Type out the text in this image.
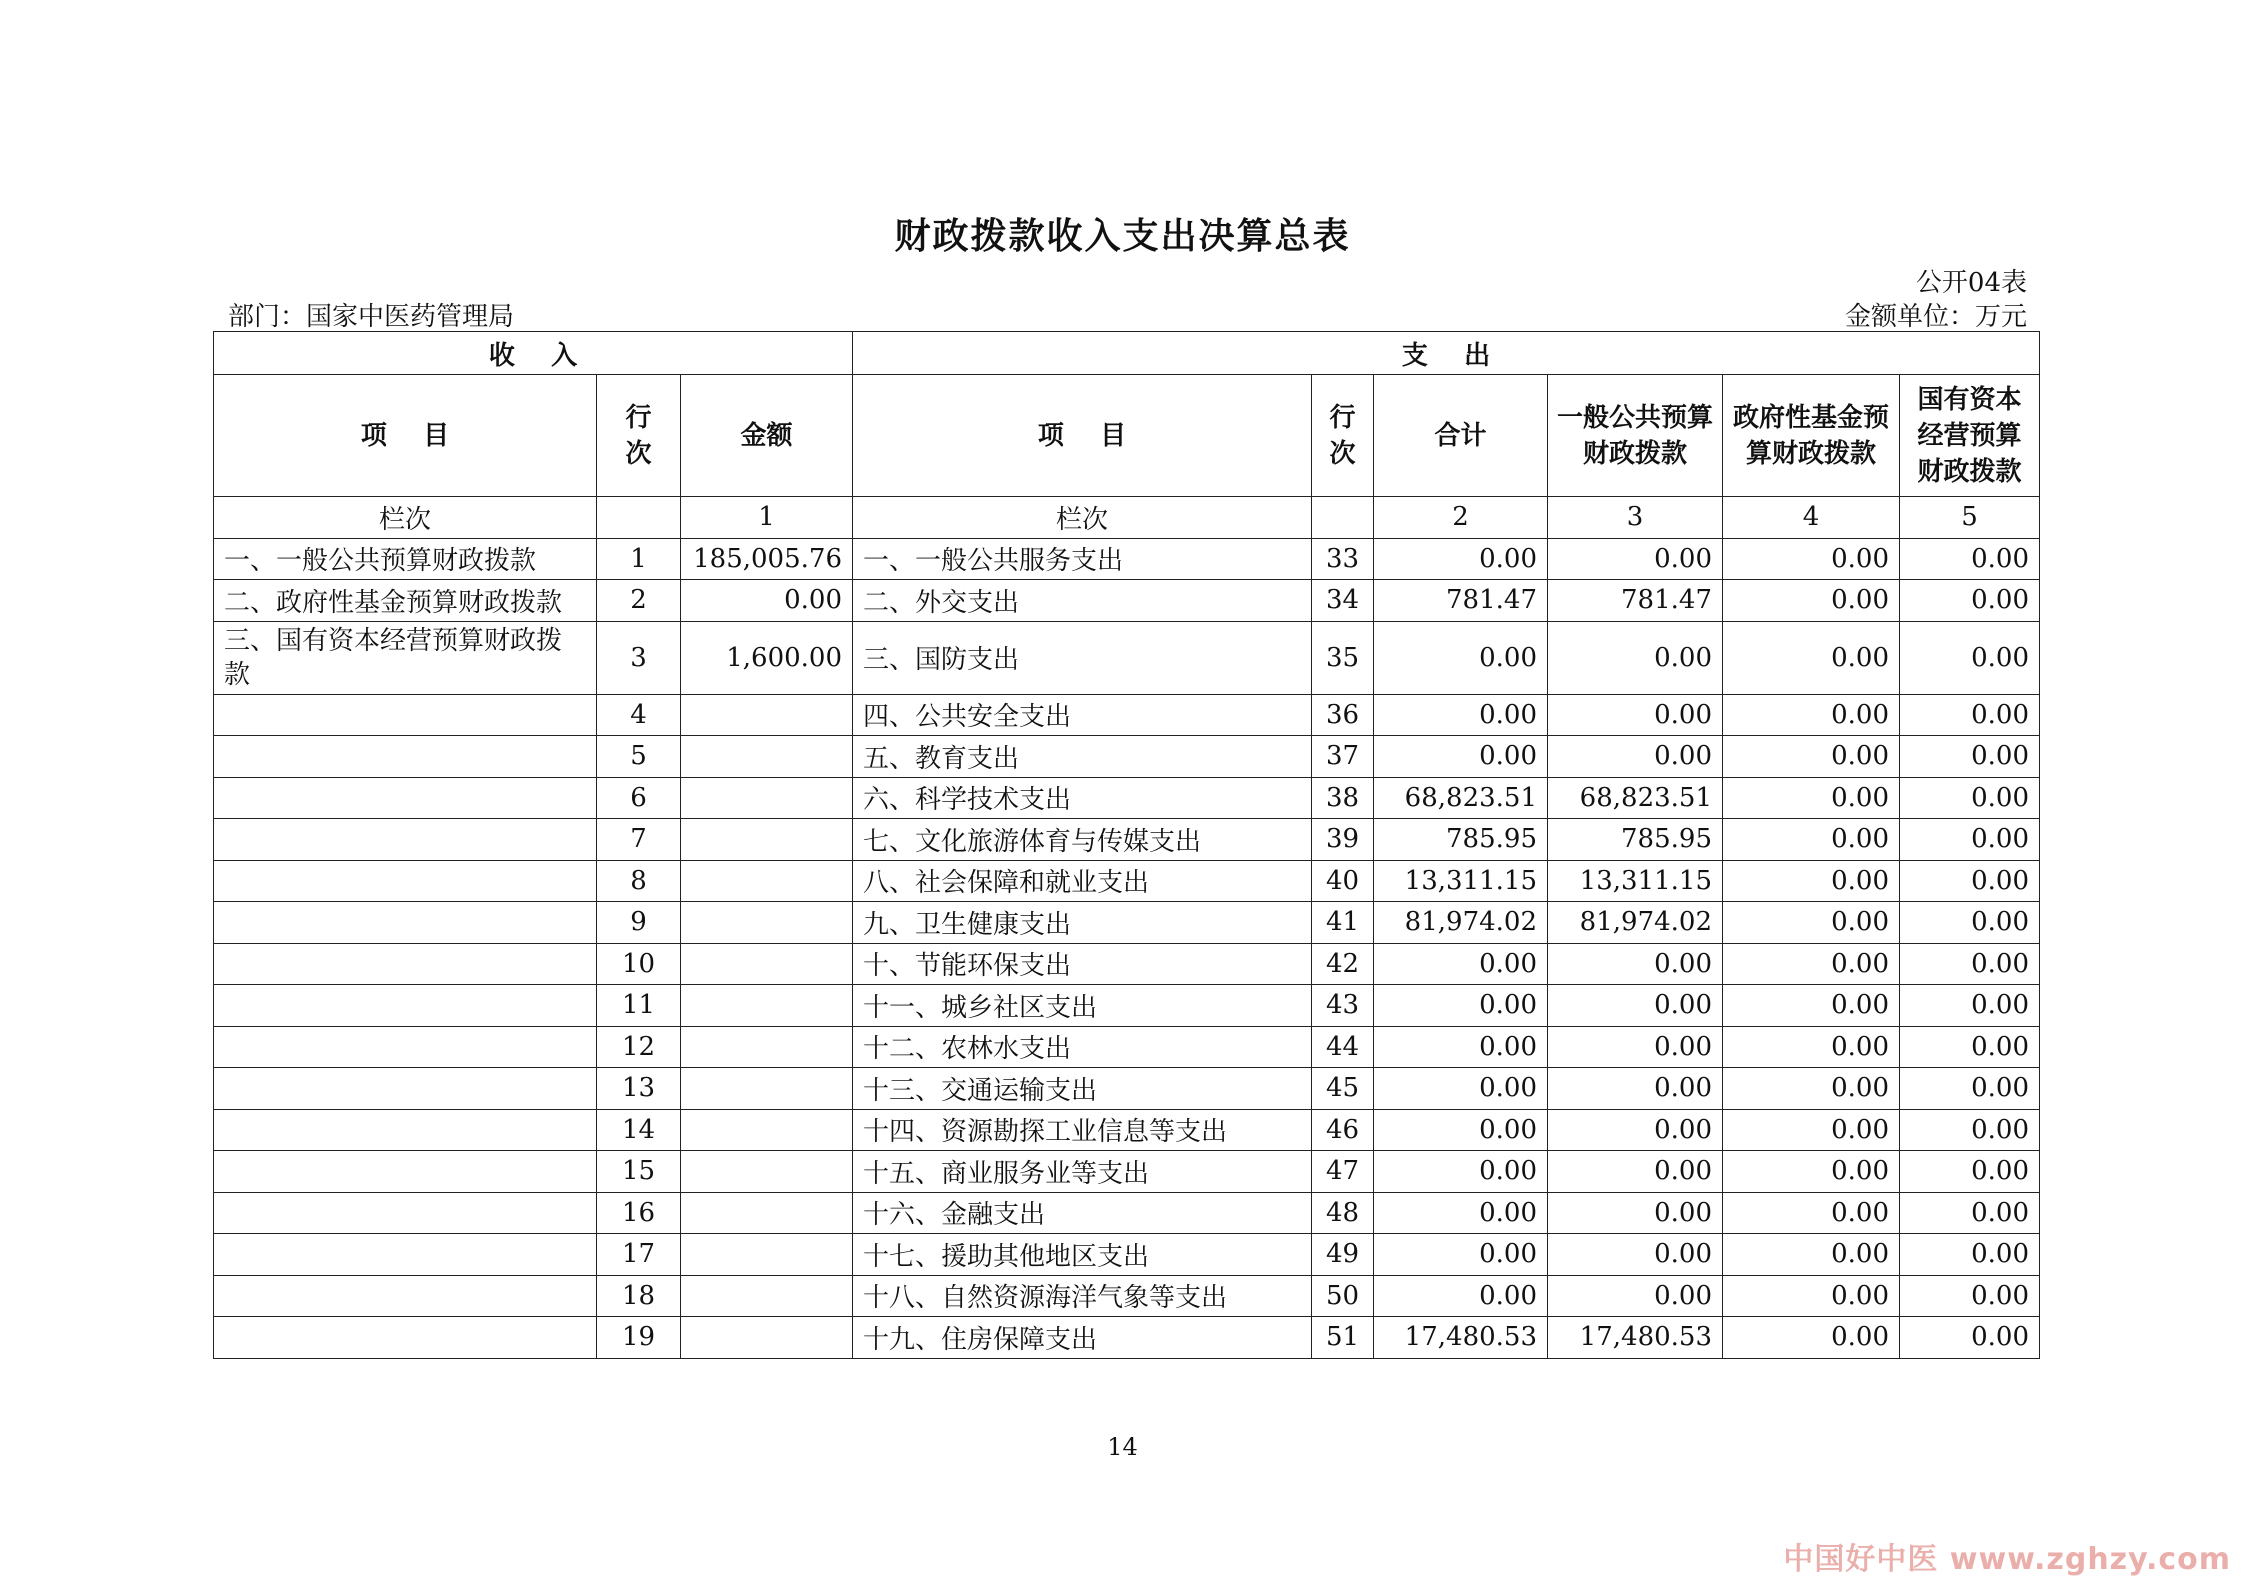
财政拨款收入支出决算总表
公开04表
部门：国家中医药管理局	金额单位：万元
收    入			支    出					
项    目	行次	金额	项    目	行次	合计	一般公共预算财政拨款	政府性基金预算财政拨款	国有资本经营预算财政拨款
栏次		1	栏次		2	3	4	5
一、一般公共预算财政拨款	1	185,005.76	一、一般公共服务支出	33	0.00	0.00	0.00	0.00
二、政府性基金预算财政拨款	2	0.00	二、外交支出	34	781.47	781.47	0.00	0.00
三、国有资本经营预算财政拨款	3	1,600.00	三、国防支出	35	0.00	0.00	0.00	0.00
	4		四、公共安全支出	36	0.00	0.00	0.00	0.00
	5		五、教育支出	37	0.00	0.00	0.00	0.00
	6		六、科学技术支出	38	68,823.51	68,823.51	0.00	0.00
	7		七、文化旅游体育与传媒支出	39	785.95	785.95	0.00	0.00
	8		八、社会保障和就业支出	40	13,311.15	13,311.15	0.00	0.00
	9		九、卫生健康支出	41	81,974.02	81,974.02	0.00	0.00
	10		十、节能环保支出	42	0.00	0.00	0.00	0.00
	11		十一、城乡社区支出	43	0.00	0.00	0.00	0.00
	12		十二、农林水支出	44	0.00	0.00	0.00	0.00
	13		十三、交通运输支出	45	0.00	0.00	0.00	0.00
	14		十四、资源勘探工业信息等支出	46	0.00	0.00	0.00	0.00
	15		十五、商业服务业等支出	47	0.00	0.00	0.00	0.00
	16		十六、金融支出	48	0.00	0.00	0.00	0.00
	17		十七、援助其他地区支出	49	0.00	0.00	0.00	0.00
	18		十八、自然资源海洋气象等支出	50	0.00	0.00	0.00	0.00
	19		十九、住房保障支出	51	17,480.53	17,480.53	0.00	0.00
14
中国好中医 www.zghzy.com
